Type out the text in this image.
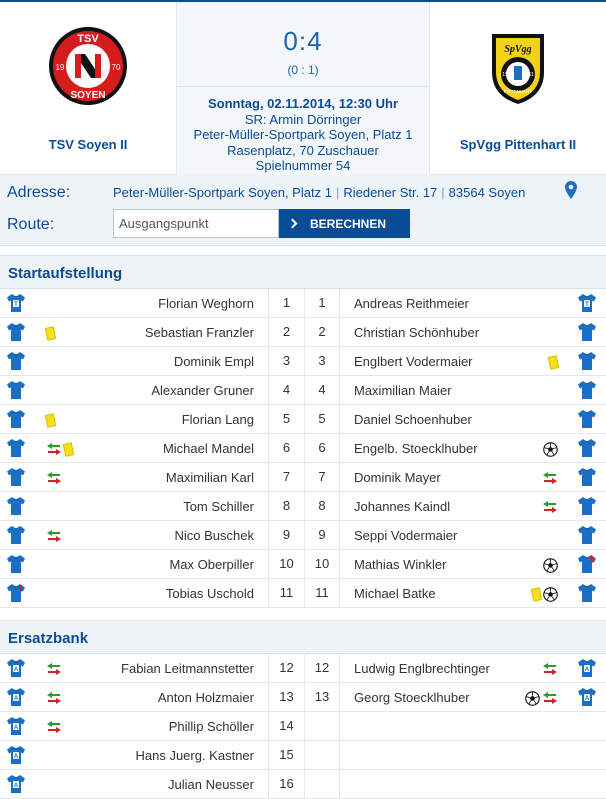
TSV
19	70
SOYEN
TSV Soyen II
0:4
(0 : 1)
Sonntag, 02.11.2014, 12:30 Uhr
SR: Armin Dörringer
Peter-Müller-Sportpark Soyen, Platz 1
Rasenplatz, 70 Zuschauer
Spielnummer 54
SpVgg
19	61
PITTENHART
SpVgg Pittenhart II
Adresse:	Peter-Müller-Sportpark Soyen, Platz 1 | Riedener Str. 17 | 83564 Soyen
Route:
Ausgangspunkt	BERECHNEN
Startaufstellung
T	Florian Weghorn	1	1	Andreas Reithmeier	T
Sebastian Franzler	2	2	Christian Schönhuber
Dominik Empl	3	3	Englbert Vodermaier
Alexander Gruner	4	4	Maximilian Maier
Florian Lang	5	5	Daniel Schoenhuber
Michael Mandel	6	6	Engelb. Stoecklhuber
Maximilian Karl	7	7	Dominik Mayer
Tom Schiller	8	8	Johannes Kaindl
Nico Buschek	9	9	Seppi Vodermaier
Max Oberpiller	10	10	Mathias Winkler
Tobias Uschold	11	11	Michael Batke
Ersatzbank
A	Fabian Leitmannstetter	12	12	Ludwig Englbrechtinger	A
A	Anton Holzmaier	13	13	Georg Stoecklhuber	A
A	Phillip Schöller	14
A	Hans Juerg. Kastner	15
A	Julian Neusser	16
